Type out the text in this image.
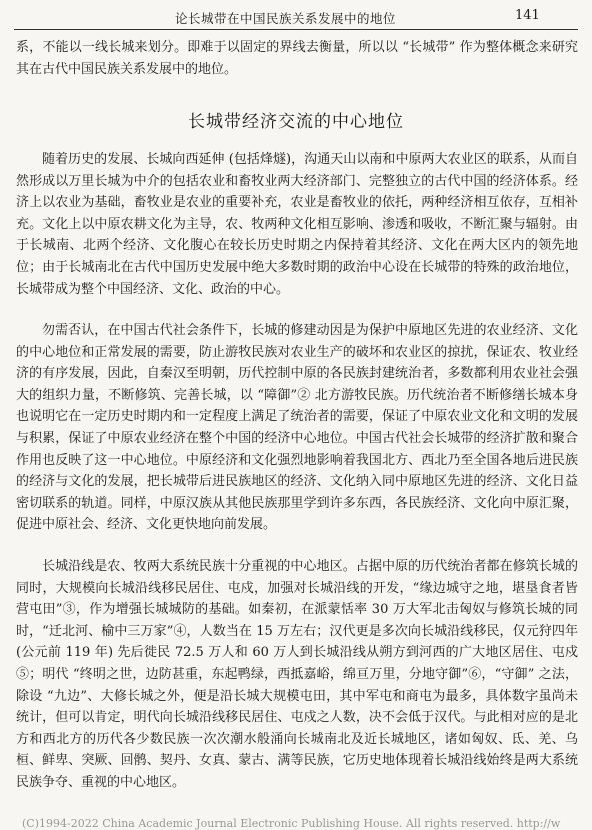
论长城带在中国民族关系发展中的地位	141

系，不能以一线长城来划分。即难于以固定的界线去衡量，所以以 “长城带” 作为整体概念来研究其在古代中国民族关系发展中的地位。

长城带经济交流的中心地位

随着历史的发展、长城向西延伸 (包括烽燧)，沟通天山以南和中原两大农业区的联系，从而自然形成以万里长城为中介的包括农业和畜牧业两大经济部门、完整独立的古代中国的经济体系。经济上以农业为基础，畜牧业是农业的重要补充，农业是畜牧业的依托，两种经济相互依存，互相补充。文化上以中原农耕文化为主导，农、牧两种文化相互影响、渗透和吸收，不断汇聚与辐射。由于长城南、北两个经济、文化腹心在较长历史时期之内保持着其经济、文化在两大区内的领先地位；由于长城南北在古代中国历史发展中绝大多数时期的政治中心设在长城带的特殊的政治地位，长城带成为整个中国经济、文化、政治的中心。

勿需否认，在中国古代社会条件下，长城的修建动因是为保护中原地区先进的农业经济、文化的中心地位和正常发展的需要，防止游牧民族对农业生产的破坏和农业区的掠扰，保证农、牧业经济的有序发展，因此，自秦汉至明朝，历代控制中原的各民族封建统治者，多数都利用农业社会强大的组织力量，不断修筑、完善长城，以 “障御”② 北方游牧民族。历代统治者不断修缮长城本身也说明它在一定历史时期内和一定程度上满足了统治者的需要，保证了中原农业文化和文明的发展与积累，保证了中原农业经济在整个中国的经济中心地位。中国古代社会长城带的经济扩散和聚合作用也反映了这一中心地位。中原经济和文化强烈地影响着我国北方、西北乃至全国各地后进民族的经济与文化的发展，把长城带后进民族地区的经济、文化纳入同中原地区先进的经济、文化日益密切联系的轨道。同样，中原汉族从其他民族那里学到许多东西，各民族经济、文化向中原汇聚，促进中原社会、经济、文化更快地向前发展。

长城沿线是农、牧两大系统民族十分重视的中心地区。占据中原的历代统治者都在修筑长城的同时，大规模向长城沿线移民居住、屯戍，加强对长城沿线的开发，“缘边城守之地，堪垦食者皆营屯田”③，作为增强长城城防的基础。如秦初，在派蒙恬率 30 万大军北击匈奴与修筑长城的同时，“迁北河、榆中三万家”④，人数当在 15 万左右；汉代更是多次向长城沿线移民，仅元狩四年 (公元前 119 年) 先后徙民 72.5 万人和 60 万人到长城沿线从朔方到河西的广大地区居住、屯戍⑤；明代 “终明之世，边防甚重，东起鸭绿，西抵嘉峪，绵亘万里，分地守御”⑥，“守御” 之法，除设 “九边”、大修长城之外，便是沿长城大规模屯田，其中军屯和商屯为最多，具体数字虽尚未统计，但可以肯定，明代向长城沿线移民居住、屯戍之人数，决不会低于汉代。与此相对应的是北方和西北方的历代各少数民族一次次潮水般涌向长城南北及近长城地区，诸如匈奴、氐、羌、乌桓、鲜卑、突厥、回鹘、契丹、女真、蒙古、满等民族，它历史地体现着长城沿线始终是两大系统民族争夺、重视的中心地区。

(C)1994-2022 China Academic Journal Electronic Publishing House. All rights reserved. http://w
